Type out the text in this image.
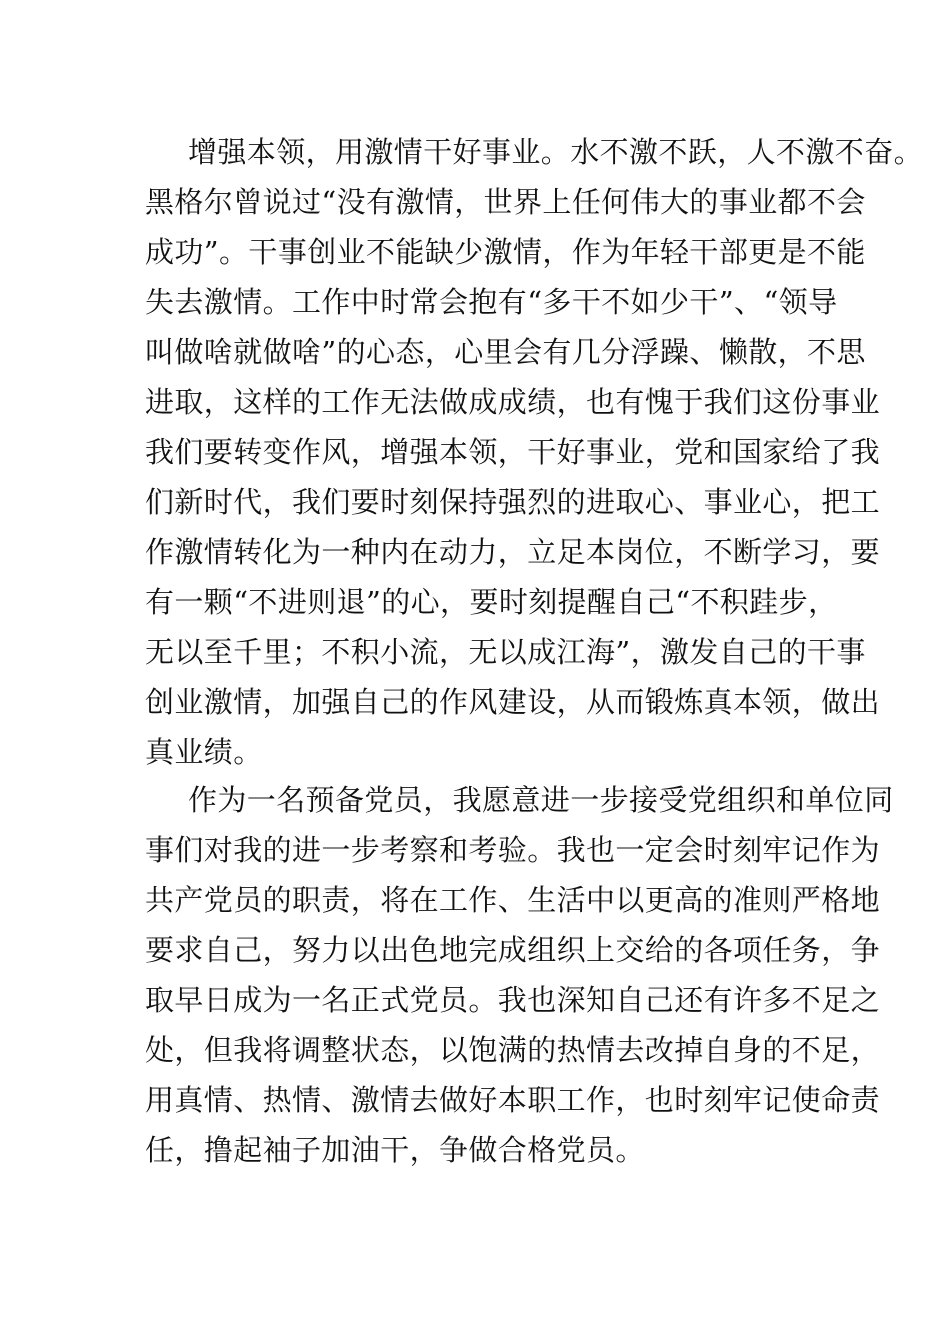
增强本领，用激情干好事业。水不激不跃，人不激不奋。
黑格尔曾说过“没有激情，世界上任何伟大的事业都不会
成功”。干事创业不能缺少激情，作为年轻干部更是不能
失去激情。工作中时常会抱有“多干不如少干”、“领导
叫做啥就做啥”的心态，心里会有几分浮躁、懒散，不思
进取，这样的工作无法做成成绩，也有愧于我们这份事业
我们要转变作风，增强本领，干好事业，党和国家给了我
们新时代，我们要时刻保持强烈的进取心、事业心，把工
作激情转化为一种内在动力，立足本岗位，不断学习，要
有一颗“不进则退”的心，要时刻提醒自己“不积跬步，
无以至千里；不积小流，无以成江海”，激发自己的干事
创业激情，加强自己的作风建设，从而锻炼真本领，做出
真业绩。
作为一名预备党员，我愿意进一步接受党组织和单位同
事们对我的进一步考察和考验。我也一定会时刻牢记作为
共产党员的职责，将在工作、生活中以更高的准则严格地
要求自己，努力以出色地完成组织上交给的各项任务，争
取早日成为一名正式党员。我也深知自己还有许多不足之
处，但我将调整状态，以饱满的热情去改掉自身的不足，
用真情、热情、激情去做好本职工作，也时刻牢记使命责
任，撸起袖子加油干，争做合格党员。
